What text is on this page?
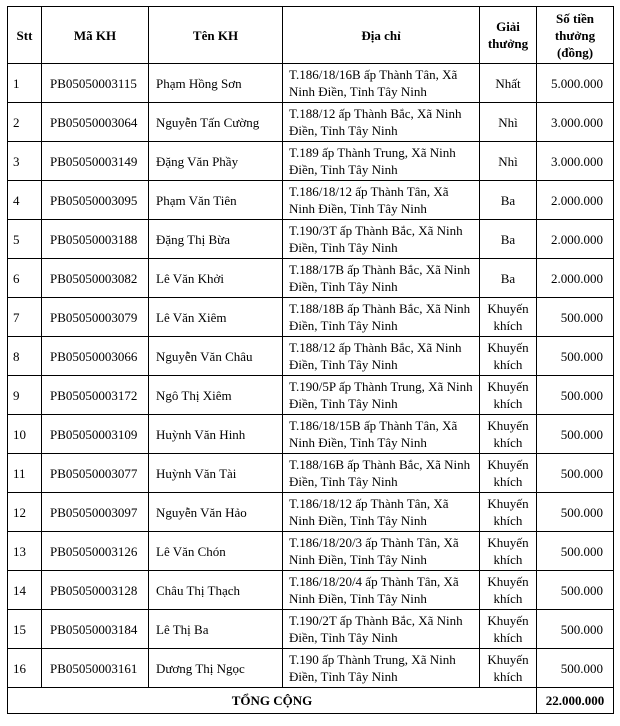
Stt	Mã KH	Tên KH	Địa chỉ	Giải thưởng	Số tiền thưởng (đồng)
1	PB05050003115	Phạm Hồng Sơn	T.186/18/16B ấp Thành Tân, Xã Ninh Điền, Tỉnh Tây Ninh	Nhất	5.000.000
2	PB05050003064	Nguyễn Tấn Cường	T.188/12 ấp Thành Bắc, Xã Ninh Điền, Tỉnh Tây Ninh	Nhì	3.000.000
3	PB05050003149	Đặng Văn Phầy	T.189 ấp Thành Trung, Xã Ninh Điền, Tỉnh Tây Ninh	Nhì	3.000.000
4	PB05050003095	Phạm Văn Tiên	T.186/18/12 ấp Thành Tân, Xã Ninh Điền, Tỉnh Tây Ninh	Ba	2.000.000
5	PB05050003188	Đặng Thị Bừa	T.190/3T ấp Thành Bắc, Xã Ninh Điền, Tỉnh Tây Ninh	Ba	2.000.000
6	PB05050003082	Lê Văn Khởi	T.188/17B ấp Thành Bắc, Xã Ninh Điền, Tỉnh Tây Ninh	Ba	2.000.000
7	PB05050003079	Lê Văn Xiêm	T.188/18B ấp Thành Bắc, Xã Ninh Điền, Tỉnh Tây Ninh	Khuyến khích	500.000
8	PB05050003066	Nguyễn Văn Châu	T.188/12 ấp Thành Bắc, Xã Ninh Điền, Tỉnh Tây Ninh	Khuyến khích	500.000
9	PB05050003172	Ngô Thị Xiêm	T.190/5P ấp Thành Trung, Xã Ninh Điền, Tỉnh Tây Ninh	Khuyến khích	500.000
10	PB05050003109	Huỳnh Văn Hinh	T.186/18/15B ấp Thành Tân, Xã Ninh Điền, Tỉnh Tây Ninh	Khuyến khích	500.000
11	PB05050003077	Huỳnh Văn Tài	T.188/16B ấp Thành Bắc, Xã Ninh Điền, Tỉnh Tây Ninh	Khuyến khích	500.000
12	PB05050003097	Nguyễn Văn Hảo	T.186/18/12 ấp Thành Tân, Xã Ninh Điền, Tỉnh Tây Ninh	Khuyến khích	500.000
13	PB05050003126	Lê Văn Chón	T.186/18/20/3 ấp Thành Tân, Xã Ninh Điền, Tỉnh Tây Ninh	Khuyến khích	500.000
14	PB05050003128	Châu Thị Thạch	T.186/18/20/4 ấp Thành Tân, Xã Ninh Điền, Tỉnh Tây Ninh	Khuyến khích	500.000
15	PB05050003184	Lê Thị Ba	T.190/2T ấp Thành Bắc, Xã Ninh Điền, Tỉnh Tây Ninh	Khuyến khích	500.000
16	PB05050003161	Dương Thị Ngọc	T.190 ấp Thành Trung, Xã Ninh Điền, Tỉnh Tây Ninh	Khuyến khích	500.000
TỔNG CỘNG					22.000.000
